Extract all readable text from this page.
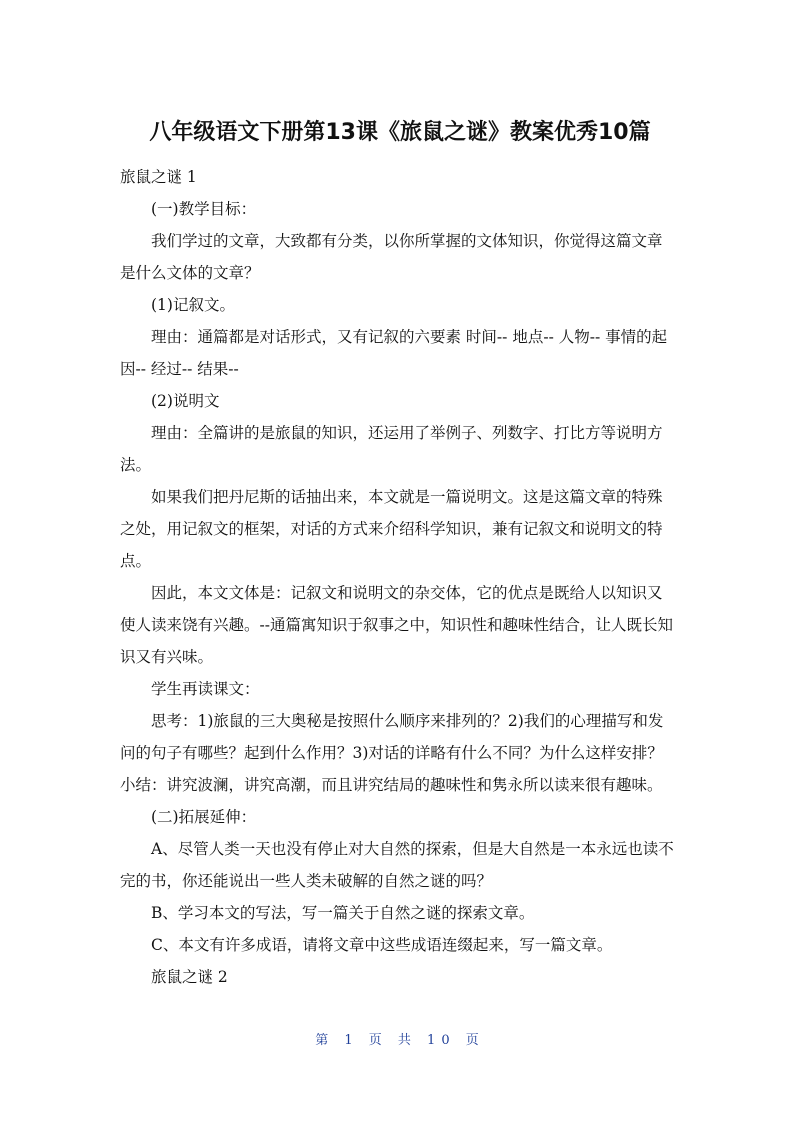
八年级语文下册第13课《旅鼠之谜》教案优秀10篇

旅鼠之谜 1

(一)教学目标：

我们学过的文章，大致都有分类，以你所掌握的文体知识，你觉得这篇文章是什么文体的文章？

(1)记叙文。

理由：通篇都是对话形式，又有记叙的六要素 时间-- 地点-- 人物-- 事情的起因-- 经过-- 结果--

(2)说明文

理由：全篇讲的是旅鼠的知识，还运用了举例子、列数字、打比方等说明方法。

如果我们把丹尼斯的话抽出来，本文就是一篇说明文。这是这篇文章的特殊之处，用记叙文的框架，对话的方式来介绍科学知识，兼有记叙文和说明文的特点。

因此，本文文体是：记叙文和说明文的杂交体，它的优点是既给人以知识又使人读来饶有兴趣。--通篇寓知识于叙事之中，知识性和趣味性结合，让人既长知识又有兴味。

学生再读课文：

思考：1)旅鼠的三大奥秘是按照什么顺序来排列的？2)我们的心理描写和发问的句子有哪些？起到什么作用？3)对话的详略有什么不同？为什么这样安排？ 小结：讲究波澜，讲究高潮，而且讲究结局的趣味性和隽永所以读来很有趣味。

(二)拓展延伸：

A、尽管人类一天也没有停止对大自然的探索，但是大自然是一本永远也读不完的书，你还能说出一些人类未破解的自然之谜的吗？

B、学习本文的写法，写一篇关于自然之谜的探索文章。

C、本文有许多成语，请将文章中这些成语连缀起来，写一篇文章。

旅鼠之谜 2

第 1 页 共 10 页
